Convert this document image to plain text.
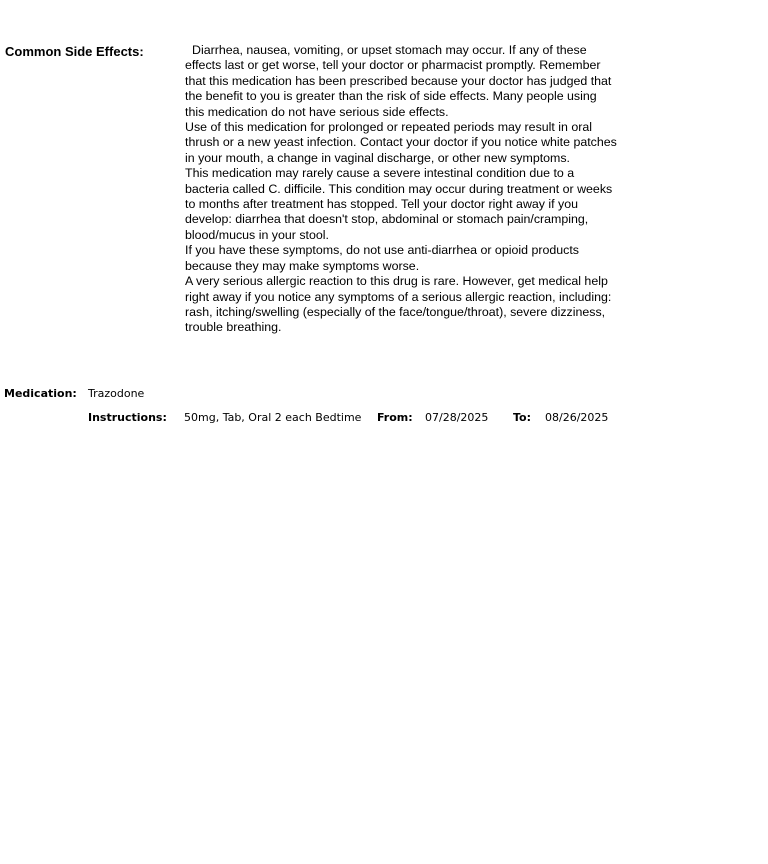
Common Side Effects:	Diarrhea, nausea, vomiting, or upset stomach may occur. If any of these effects last or get worse, tell your doctor or pharmacist promptly. Remember that this medication has been prescribed because your doctor has judged that the benefit to you is greater than the risk of side effects. Many people using this medication do not have serious side effects.

Use of this medication for prolonged or repeated periods may result in oral thrush or a new yeast infection. Contact your doctor if you notice white patches in your mouth, a change in vaginal discharge, or other new symptoms.

This medication may rarely cause a severe intestinal condition due to a bacteria called C. difficile. This condition may occur during treatment or weeks to months after treatment has stopped. Tell your doctor right away if you develop: diarrhea that doesn't stop, abdominal or stomach pain/cramping, blood/mucus in your stool.

If you have these symptoms, do not use anti-diarrhea or opioid products because they may make symptoms worse.

A very serious allergic reaction to this drug is rare. However, get medical help right away if you notice any symptoms of a serious allergic reaction, including: rash, itching/swelling (especially of the face/tongue/throat), severe dizziness, trouble breathing.

Medication: Trazodone
Instructions: 50mg, Tab, Oral 2 each Bedtime From: 07/28/2025 To: 08/26/2025
